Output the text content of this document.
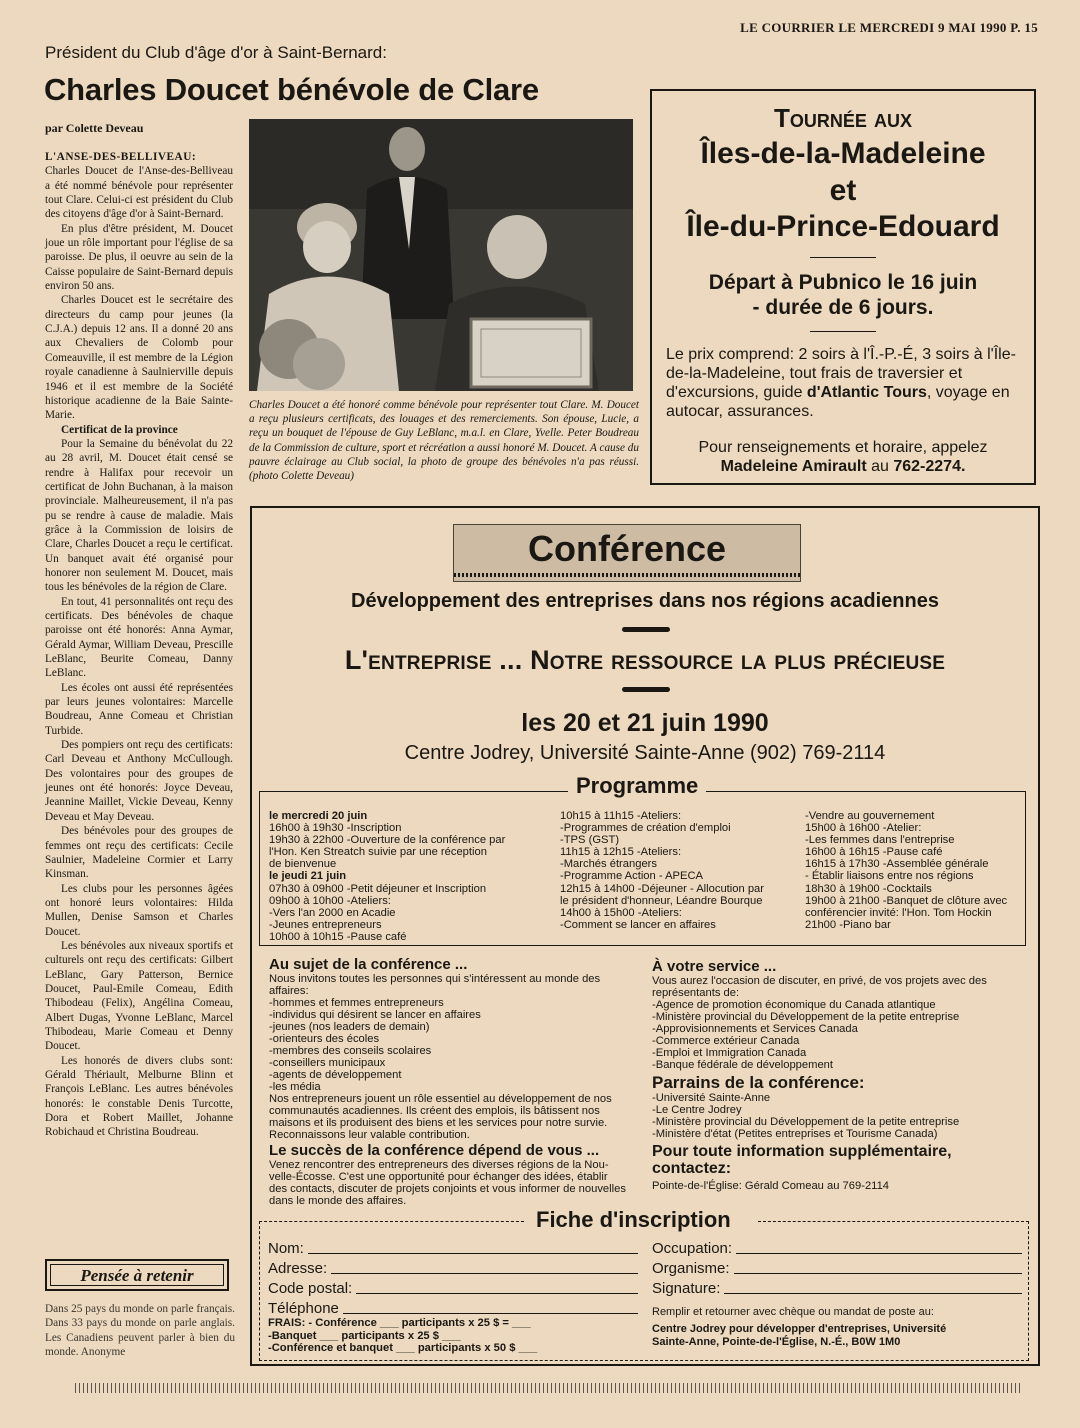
LE COURRIER LE MERCREDI 9 MAI 1990 P. 15
Président du Club d'âge d'or à Saint-Bernard:
Charles Doucet bénévole de Clare
par Colette Deveau

L'ANSE-DES-BELLIVEAU: Charles Doucet de l'Anse-des-Belliveau a été nommé bénévole pour représenter tout Clare. Celui-ci est président du Club des citoyens d'âge d'or à Saint-Bernard.

En plus d'être président, M. Doucet joue un rôle important pour l'église de sa paroisse. De plus, il oeuvre au sein de la Caisse populaire de Saint-Bernard depuis environ 50 ans.

Charles Doucet est le secrétaire des directeurs du camp pour jeunes (la C.J.A.) depuis 12 ans. Il a donné 20 ans aux Chevaliers de Colomb pour Comeauville, il est membre de la Légion royale canadienne à Saulnierville depuis 1946 et il est membre de la Société historique acadienne de la Baie Sainte-Marie.

Certificat de la province

Pour la Semaine du bénévolat du 22 au 28 avril, M. Doucet était censé se rendre à Halifax pour recevoir un certificat de John Buchanan, à la maison provinciale. Malheureusement, il n'a pas pu se rendre à cause de maladie. Mais grâce à la Commission de loisirs de Clare, Charles Doucet a reçu le certificat. Un banquet avait été organisé pour honorer non seulement M. Doucet, mais tous les bénévoles de la région de Clare.

En tout, 41 personnalités ont reçu des certificats. Des bénévoles de chaque paroisse ont été honorés: Anna Aymar, Gérald Aymar, William Deveau, Prescille LeBlanc, Beurite Comeau, Danny LeBlanc.

Les écoles ont aussi été représentées par leurs jeunes volontaires: Marcelle Boudreau, Anne Comeau et Christian Turbide.

Des pompiers ont reçu des certificats: Carl Deveau et Anthony McCullough. Des volontaires pour des groupes de jeunes ont été honorés: Joyce Deveau, Jeannine Maillet, Vickie Deveau, Kenny Deveau et May Deveau.

Des bénévoles pour des groupes de femmes ont reçu des certificats: Cecile Saulnier, Madeleine Cormier et Larry Kinsman.

Les clubs pour les personnes âgées ont honoré leurs volontaires: Hilda Mullen, Denise Samson et Charles Doucet.

Les bénévoles aux niveaux sportifs et culturels ont reçu des certificats: Gilbert LeBlanc, Gary Patterson, Bernice Doucet, Paul-Emile Comeau, Edith Thibodeau (Felix), Angélina Comeau, Albert Dugas, Yvonne LeBlanc, Marcel Thibodeau, Marie Comeau et Denny Doucet.

Les honorés de divers clubs sont: Gérald Thériault, Melburne Blinn et François LeBlanc. Les autres bénévoles honorés: le constable Denis Turcotte, Dora et Robert Maillet, Johanne Robichaud et Christina Boudreau.

Charles Doucet a été honoré comme bénévole pour représenter tout Clare. M. Doucet a reçu plusieurs certificats, des louages et des remerciements. Son épouse, Lucie, a reçu un bouquet de l'épouse de Guy LeBlanc, m.a.l. en Clare, Yvelle. Peter Boudreau de la Commission de culture, sport et récréation a aussi honoré M. Doucet. A cause du pauvre éclairage au Club social, la photo de groupe des bénévoles n'a pas réussi. (photo Colette Deveau)
Tournée aux
Îles-de-la-Madeleine
et
Île-du-Prince-Edouard
Départ à Pubnico le 16 juin
- durée de 6 jours.
Le prix comprend: 2 soirs à l'Î.-P.-É, 3 soirs à l'Île-de-la-Madeleine, tout frais de traversier et d'excursions, guide d'Atlantic Tours, voyage en autocar, assurances.
Pour renseignements et horaire, appelez
Madeleine Amirault au 762-2274.
Conférence
Développement des entreprises dans nos régions acadiennes
L'entreprise ... Notre ressource la plus précieuse
les 20 et 21 juin 1990
Centre Jodrey, Université Sainte-Anne (902) 769-2114
Programme
le mercredi 20 juin
16h00 à 19h30 -Inscription
19h30 à 22h00 -Ouverture de la conférence par
l'Hon. Ken Streatch suivie par une réception
de bienvenue
le jeudi 21 juin
07h30 à 09h00 -Petit déjeuner et Inscription
09h00 à 10h00 -Ateliers:
-Vers l'an 2000 en Acadie
-Jeunes entrepreneurs
10h00 à 10h15 -Pause café
10h15 à 11h15 -Ateliers:
-Programmes de création d'emploi
-TPS (GST)
11h15 à 12h15 -Ateliers:
-Marchés étrangers
-Programme Action - APECA
12h15 à 14h00 -Déjeuner - Allocution par
le président d'honneur, Léandre Bourque
14h00 à 15h00 -Ateliers:
-Comment se lancer en affaires
-Vendre au gouvernement
15h00 à 16h00 -Atelier:
-Les femmes dans l'entreprise
16h00 à 16h15 -Pause café
16h15 à 17h30 -Assemblée générale
- Établir liaisons entre nos régions
18h30 à 19h00 -Cocktails
19h00 à 21h00 -Banquet de clôture avec
conférencier invité: l'Hon. Tom Hockin
21h00 -Piano bar
Au sujet de la conférence ...
Nous invitons toutes les personnes qui s'intéressent au monde des
affaires:
-hommes et femmes entrepreneurs
-individus qui désirent se lancer en affaires
-jeunes (nos leaders de demain)
-orienteurs des écoles
-membres des conseils scolaires
-conseillers municipaux
-agents de développement
-les média
Nos entrepreneurs jouent un rôle essentiel au développement de nos
communautés acadiennes. Ils créent des emplois, ils bâtissent nos
maisons et ils produisent des biens et les services pour notre survie.
Reconnaissons leur valable contribution.
Le succès de la conférence dépend de vous ...
Venez rencontrer des entrepreneurs des diverses régions de la Nou-
velle-Écosse. C'est une opportunité pour échanger des idées, établir
des contacts, discuter de projets conjoints et vous informer de nouvelles
dans le monde des affaires.
À votre service ...
Vous aurez l'occasion de discuter, en privé, de vos projets avec des
représentants de:
-Agence de promotion économique du Canada atlantique
-Ministère provincial du Développement de la petite entreprise
-Approvisionnements et Services Canada
-Commerce extérieur Canada
-Emploi et Immigration Canada
-Banque fédérale de développement
Parrains de la conférence:
-Université Sainte-Anne
-Le Centre Jodrey
-Ministère provincial du Développement de la petite entreprise
-Ministère d'état (Petites entreprises et Tourisme Canada)
Pour toute information supplémentaire,
contactez:
Pointe-de-l'Église: Gérald Comeau au 769-2114
Fiche d'inscription
Nom:
Adresse:
Code postal:
Téléphone
FRAIS: - Conférence ___ participants x 25 $ = ___
-Banquet ___ participants x 25 $ ___
-Conférence et banquet ___ participants x 50 $ ___
Occupation:
Organisme:
Signature:
Remplir et retourner avec chèque ou mandat de poste au:
Centre Jodrey pour développer d'entreprises, Université
Sainte-Anne, Pointe-de-l'Église, N.-É., B0W 1M0
Pensée à retenir
Dans 25 pays du monde on parle français. Dans 33 pays du monde on parle anglais. Les Canadiens peuvent parler à bien du monde. Anonyme
